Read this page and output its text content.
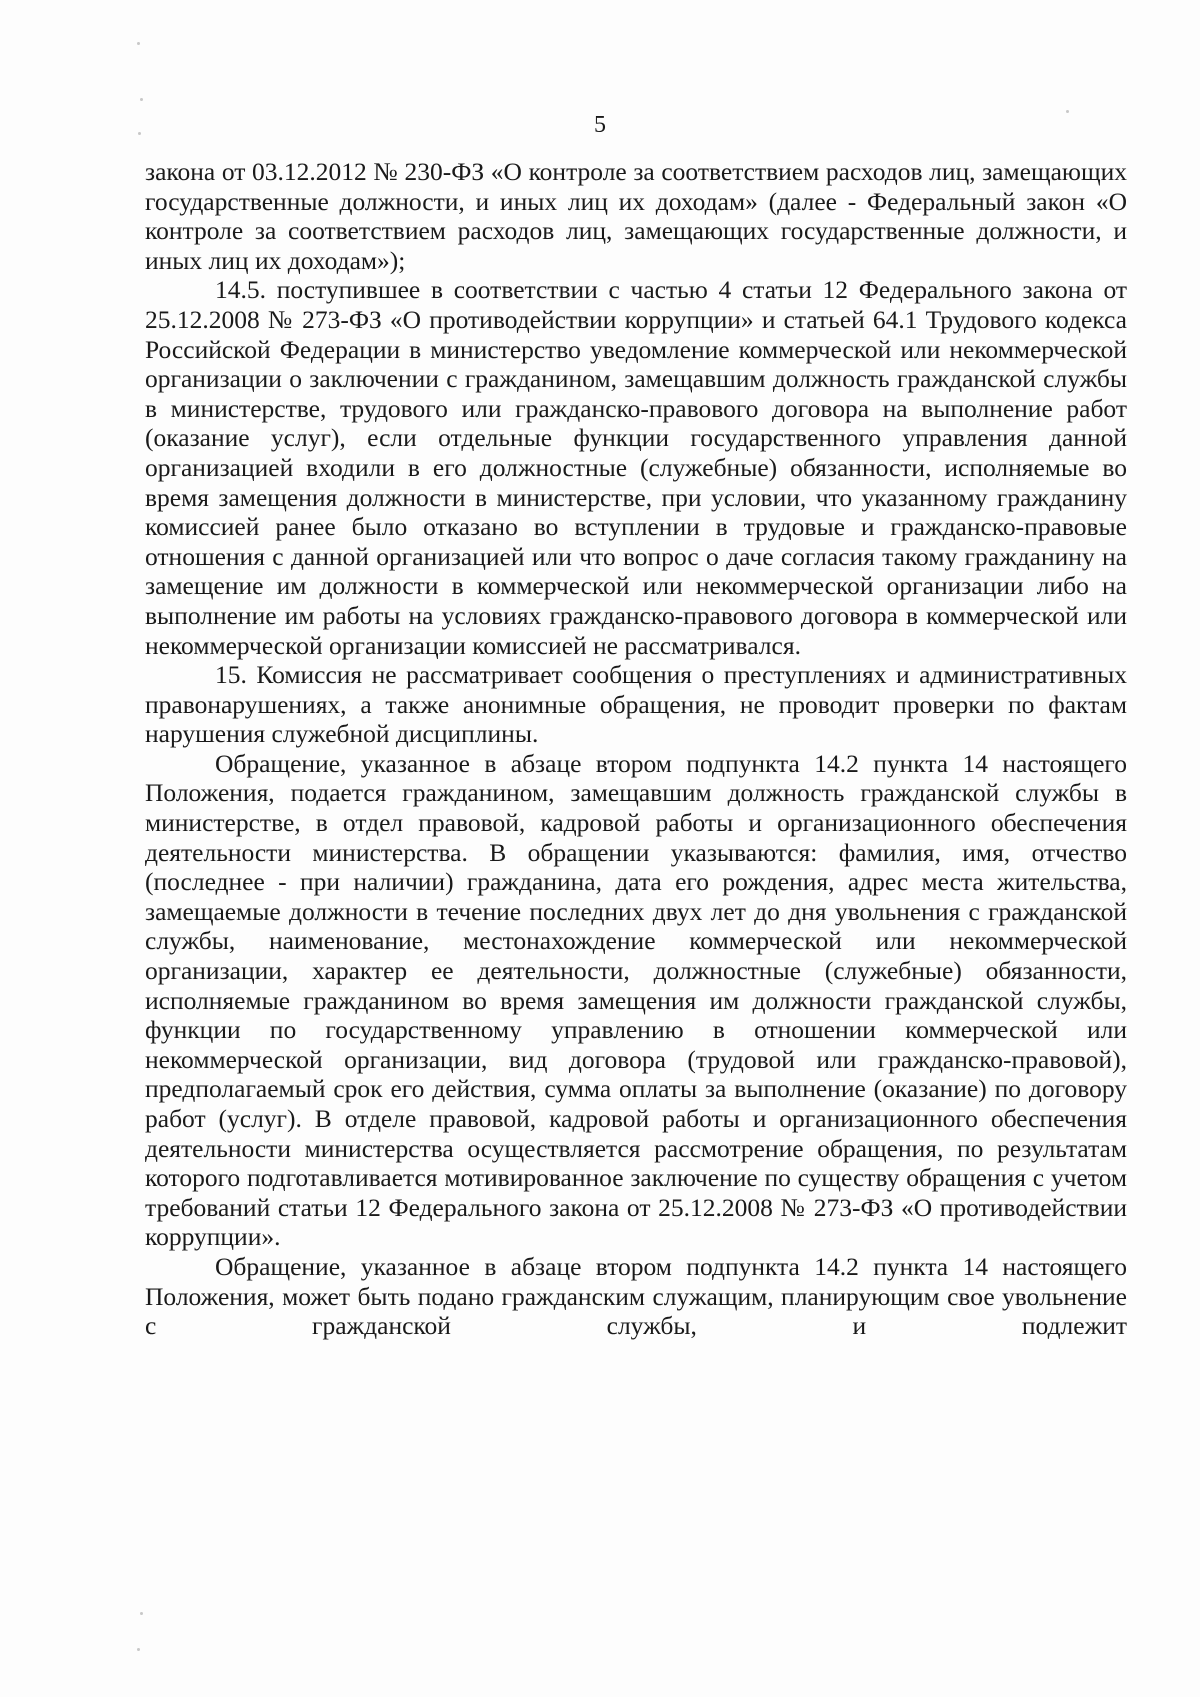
5

закона от 03.12.2012 № 230-ФЗ «О контроле за соответствием расходов лиц, замещающих государственные должности, и иных лиц их доходам» (далее - Федеральный закон «О контроле за соответствием расходов лиц, замещающих государственные должности, и иных лиц их доходам»);

14.5. поступившее в соответствии с частью 4 статьи 12 Федерального закона от 25.12.2008 № 273-ФЗ «О противодействии коррупции» и статьей 64.1 Трудового кодекса Российской Федерации в министерство уведомление коммерческой или некоммерческой организации о заключении с гражданином, замещавшим должность гражданской службы в министерстве, трудового или гражданско-правового договора на выполнение работ (оказание услуг), если отдельные функции государственного управления данной организацией входили в его должностные (служебные) обязанности, исполняемые во время замещения должности в министерстве, при условии, что указанному гражданину комиссией ранее было отказано во вступлении в трудовые и гражданско-правовые отношения с данной организацией или что вопрос о даче согласия такому гражданину на замещение им должности в коммерческой или некоммерческой организации либо на выполнение им работы на условиях гражданско-правового договора в коммерческой или некоммерческой организации комиссией не рассматривался.

15. Комиссия не рассматривает сообщения о преступлениях и административных правонарушениях, а также анонимные обращения, не проводит проверки по фактам нарушения служебной дисциплины.

Обращение, указанное в абзаце втором подпункта 14.2 пункта 14 настоящего Положения, подается гражданином, замещавшим должность гражданской службы в министерстве, в отдел правовой, кадровой работы и организационного обеспечения деятельности министерства. В обращении указываются: фамилия, имя, отчество (последнее - при наличии) гражданина, дата его рождения, адрес места жительства, замещаемые должности в течение последних двух лет до дня увольнения с гражданской службы, наименование, местонахождение коммерческой или некоммерческой организации, характер ее деятельности, должностные (служебные) обязанности, исполняемые гражданином во время замещения им должности гражданской службы, функции по государственному управлению в отношении коммерческой или некоммерческой организации, вид договора (трудовой или гражданско-правовой), предполагаемый срок его действия, сумма оплаты за выполнение (оказание) по договору работ (услуг). В отделе правовой, кадровой работы и организационного обеспечения деятельности министерства осуществляется рассмотрение обращения, по результатам которого подготавливается мотивированное заключение по существу обращения с учетом требований статьи 12 Федерального закона от 25.12.2008 № 273-ФЗ «О противодействии коррупции».

Обращение, указанное в абзаце втором подпункта 14.2 пункта 14 настоящего Положения, может быть подано гражданским служащим, планирующим свое увольнение с гражданской службы, и подлежит
